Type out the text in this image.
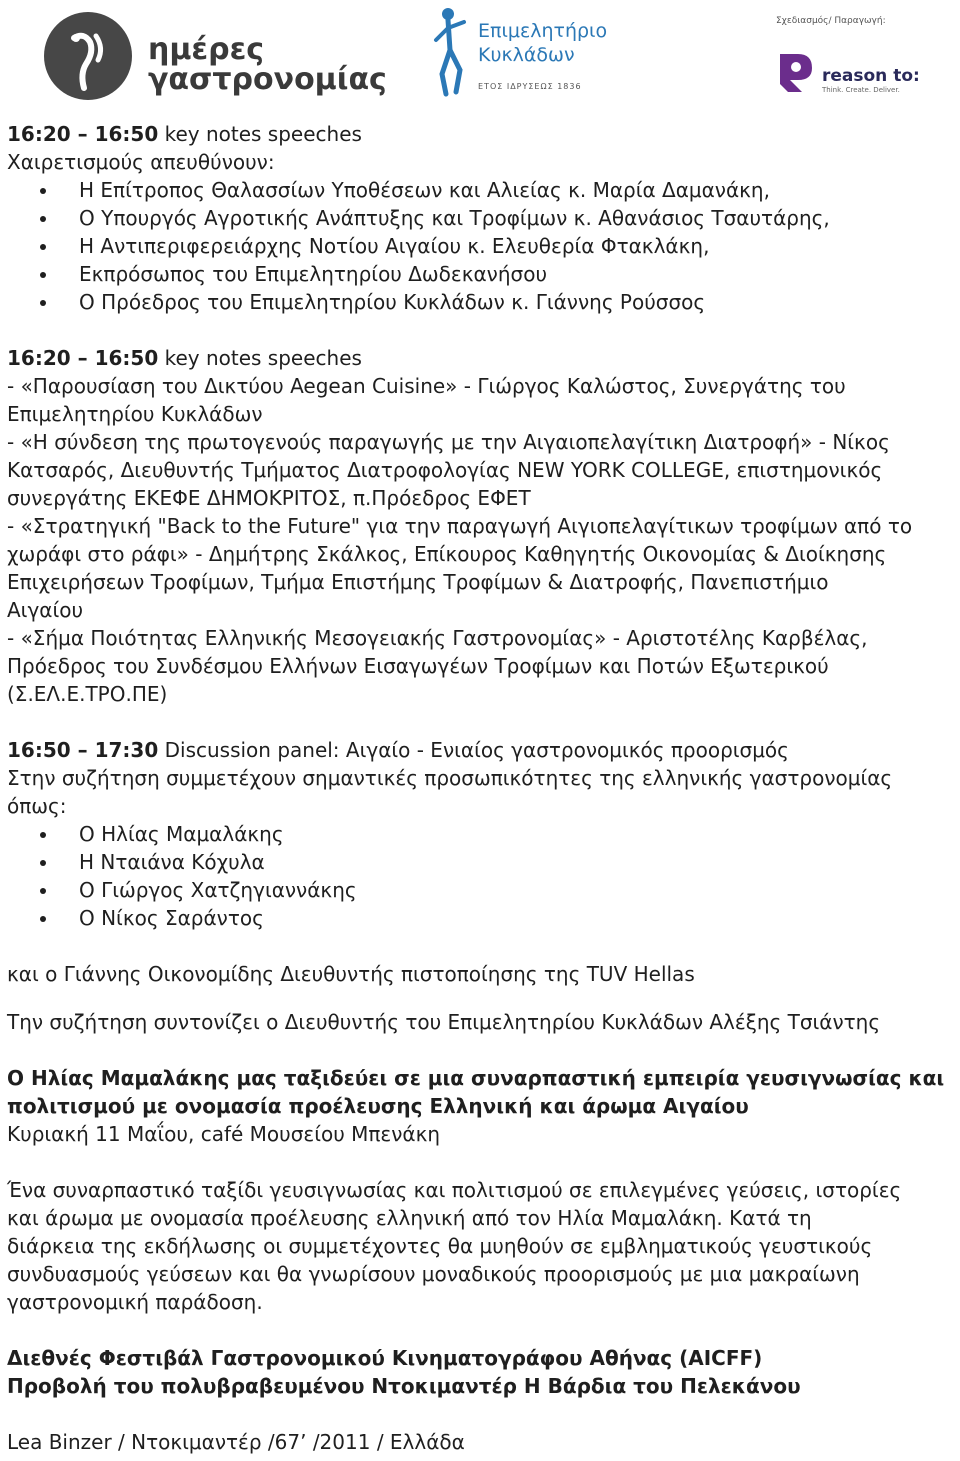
ημέρες
γαστρονομίας
Επιμελητήριο
Κυκλάδων
ΕΤΟΣ ΙΔΡΥΣΕΩΣ 1836
Σχεδιασμός/ Παραγωγή:
reason to:
Think. Create. Deliver.
16:20 – 16:50 key notes speeches
Χαιρετισμούς απευθύνουν:
Η Επίτροπος Θαλασσίων Υποθέσεων και Αλιείας κ. Μαρία Δαμανάκη,
Ο Υπουργός Αγροτικής Ανάπτυξης και Τροφίμων κ. Αθανάσιος Τσαυτάρης,
Η Αντιπεριφερειάρχης Νοτίου Αιγαίου κ. Ελευθερία Φτακλάκη,
Εκπρόσωπος του Επιμελητηρίου Δωδεκανήσου
Ο Πρόεδρος του Επιμελητηρίου Κυκλάδων κ. Γιάννης Ρούσσος
16:20 – 16:50 key notes speeches
- «Παρουσίαση του Δικτύου Aegean Cuisine» - Γιώργος Καλώστος, Συνεργάτης του
Επιμελητηρίου Κυκλάδων
- «Η σύνδεση της πρωτογενούς παραγωγής με την Αιγαιοπελαγίτικη Διατροφή» - Νίκος
Κατσαρός, Διευθυντής Τμήματος Διατροφολογίας NEW YORK COLLEGE, επιστημονικός
συνεργάτης ΕΚΕΦΕ ΔΗΜΟΚΡΙΤΟΣ, π.Πρόεδρος ΕΦΕΤ
- «Στρατηγική "Back to the Future" για την παραγωγή Αιγιοπελαγίτικων τροφίμων από το
χωράφι στο ράφι» - Δημήτρης Σκάλκος, Επίκουρος Καθηγητής Οικονομίας & Διοίκησης
Επιχειρήσεων Τροφίμων, Τμήμα Επιστήμης Τροφίμων & Διατροφής, Πανεπιστήμιο
Αιγαίου
- «Σήμα Ποιότητας Ελληνικής Μεσογειακής Γαστρονομίας» - Αριστοτέλης Καρβέλας,
Πρόεδρος του Συνδέσμου Ελλήνων Εισαγωγέων Τροφίμων και Ποτών Εξωτερικού
(Σ.ΕΛ.Ε.ΤΡΟ.ΠΕ)
16:50 – 17:30 Discussion panel: Αιγαίο - Ενιαίος γαστρονομικός προορισμός
Στην συζήτηση συμμετέχουν σημαντικές προσωπικότητες της ελληνικής γαστρονομίας
όπως:
Ο Ηλίας Μαμαλάκης
Η Νταιάνα Κόχυλα
Ο Γιώργος Χατζηγιαννάκης
Ο Νίκος Σαράντος
και ο Γιάννης Οικονομίδης Διευθυντής πιστοποίησης της TUV Hellas
Την συζήτηση συντονίζει ο Διευθυντής του Επιμελητηρίου Κυκλάδων Αλέξης Τσιάντης
Ο Ηλίας Μαμαλάκης μας ταξιδεύει σε μια συναρπαστική εμπειρία γευσιγνωσίας και
πολιτισμού με ονομασία προέλευσης Ελληνική και άρωμα Αιγαίου
Κυριακή 11 Μαΐου, café Μουσείου Μπενάκη
Ένα συναρπαστικό ταξίδι γευσιγνωσίας και πολιτισμού σε επιλεγμένες γεύσεις, ιστορίες
και άρωμα με ονομασία προέλευσης ελληνική από τον Ηλία Μαμαλάκη. Κατά τη
διάρκεια της εκδήλωσης οι συμμετέχοντες θα μυηθούν σε εμβληματικούς γευστικούς
συνδυασμούς γεύσεων και θα γνωρίσουν μοναδικούς προορισμούς με μια μακραίωνη
γαστρονομική παράδοση.
Διεθνές Φεστιβάλ Γαστρονομικού Κινηματογράφου Αθήνας (AICFF)
Προβολή του πολυβραβευμένου Ντοκιμαντέρ Η Βάρδια του Πελεκάνου
Lea Binzer / Ντοκιμαντέρ /67’ /2011 / Ελλάδα
